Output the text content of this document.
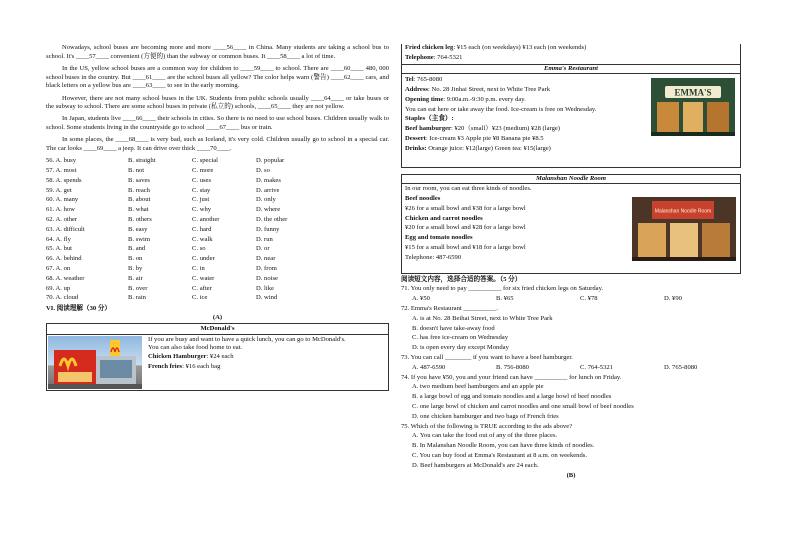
Nowadays, school buses are becoming more and more ____56____ in China. Many students are taking a school bus to school. It's ____57____ convenient (方便的) than the subway or common buses. It ____58____ a lot of time.

In the US, yellow school buses are a common way for children to ____59____ to school. There are ____60____ 480, 000 school buses in the country. But ____61____ are the school buses all yellow? The color helps warn (警告) ____62____ cars, and black letters on a yellow bus are ____63____ to see in the early morning.

However, there are not many school buses in the UK. Students from public schools usually ____64____ or take buses or the subway to school. There are some school buses in private (私立的) schools, ____65____ they are not yellow.

In Japan, students live ____66____ their schools in cities. So there is no need to use school buses. Children usually walk to school. Some students living in the countryside go to school ____67____ bus or train.

In some places, the ____68____ is very bad, such as Iceland, it's very cold. Children usually go to school in a special car. The car looks ____69____ a jeep. It can drive over thick ____70____.

56. A. busy	B. straight	C. special	D. popular
57. A. most	B. not	C. more	D. so
58. A. spends	B. saves	C. uses	D. makes
59. A. get	B. reach	C. stay	D. arrive
60. A. many	B. about	C. just	D. only
61. A. how	B. what	C. why	D. where
62. A. other	B. others	C. another	D. the other
63. A. difficult	B. easy	C. hard	D. funny
64. A. fly	B. swim	C. walk	D. run
65. A. but	B. and	C. so	D. or
66. A. behind	B. on	C. under	D. near
67. A. on	B. by	C. in	D. from
68. A. weather	B. air	C. water	D. noise
69. A. up	B. over	C. after	D. like
70. A. cloud	B. rain	C. ice	D. wind
VI. 阅读理解（30 分）
(A)
McDonald's

If you are busy and want to have a quick lunch, you can go to McDonald's.

You can also take food home to eat.

Chicken Hamburger: ¥24 each

French fries: ¥16 each bag

Fried chicken leg: ¥15 each (on weekdays) ¥13 each (on weekends)

Telephone: 764-5321

Emma's Restaurant
EMMA'S

Tel: 765-8080

Address: No. 28 Jinhai Street, next to White Tree Park

Opening time: 9:00a.m.-9:30 p.m. every day.

You can eat here or take away the food. Ice-cream is free on Wednesday.

Staples（主食）:

Beef hamburger: ¥20（small）¥23 (medium) ¥28 (large)

Dessert: Ice-cream ¥3 Apple pie ¥8 Banana pie ¥8.5

Drinks: Orange juice: ¥12(large) Green tea: ¥15(large)

Malanshan Noodle Room
Malanshan Noodle Room

In our room, you can eat three kinds of noodles.

Beef noodles

¥26 for a small bowl and ¥38 for a large bowl

Chicken and carrot noodles

¥20 for a small bowl and ¥28 for a large bowl

Egg and tomato noodles

¥15 for a small bowl and ¥18 for a large bowl

Telephone: 487-6590

阅读短文内容，选择合适的答案。（5 分）
71. You only need to pay __________ for six fried chicken legs on Saturday.
A. ¥50	B. ¥65	C. ¥78	D. ¥90
72. Emma's Restaurant __________.
A. is at No. 28 Beihai Street, next to White Tree Park
B. doesn't have take-away food
C. has free ice-cream on Wednesday
D. is open every day except Monday
73. You can call ________ if you want to have a beef hamburger.
A. 487-6590	B. 756-8080	C. 764-5321	D. 765-8080
74. If you have ¥50, you and your friend can have __________ for lunch on Friday.
A. two medium beef hamburgers and an apple pie
B. a large bowl of egg and tomato noodles and a large bowl of beef noodles
C. one large bowl of chicken and carrot noodles and one small bowl of beef noodles
D. one chicken hamburger and two bags of French fries
75. Which of the following is TRUE according to the ads above?
A. You can take the food out of any of the three places.
B. In Malanshan Noodle Room, you can have three kinds of noodles.
C. You can buy food at Emma's Restaurant at 8 a.m. on weekends.
D. Beef hamburgers at McDonald's are 24 each.
(B)
